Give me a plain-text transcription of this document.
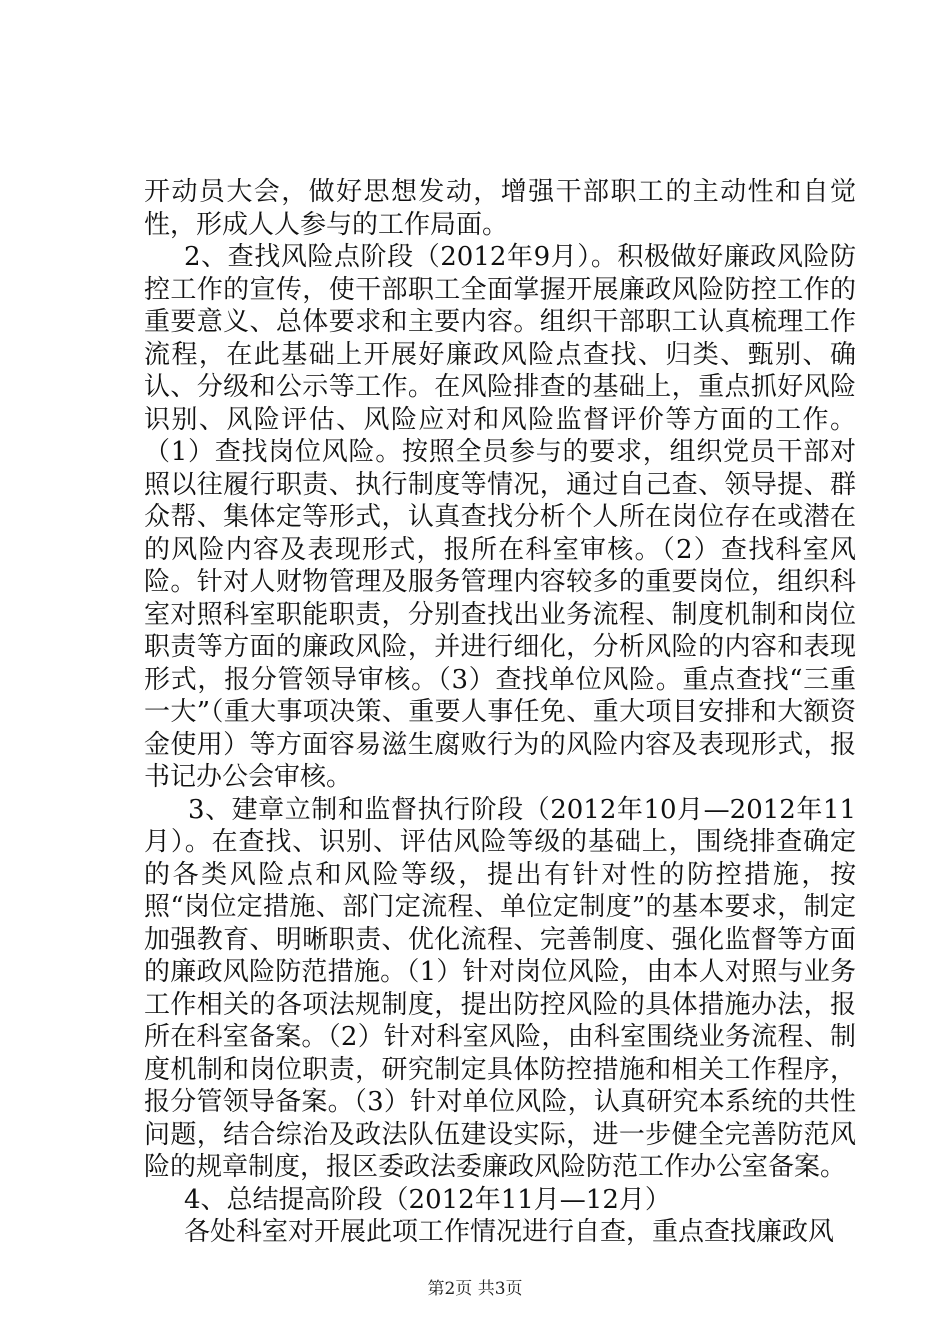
开动员大会，做好思想发动，增强干部职工的主动性和自觉性，形成人人参与的工作局面。

2、查找风险点阶段（2012年9月）。积极做好廉政风险防控工作的宣传，使干部职工全面掌握开展廉政风险防控工作的重要意义、总体要求和主要内容。组织干部职工认真梳理工作流程，在此基础上开展好廉政风险点查找、归类、甄别、确认、分级和公示等工作。在风险排查的基础上，重点抓好风险识别、风险评估、风险应对和风险监督评价等方面的工作。（1）查找岗位风险。按照全员参与的要求，组织党员干部对照以往履行职责、执行制度等情况，通过自己查、领导提、群众帮、集体定等形式，认真查找分析个人所在岗位存在或潜在的风险内容及表现形式，报所在科室审核。（2）查找科室风险。针对人财物管理及服务管理内容较多的重要岗位，组织科室对照科室职能职责，分别查找出业务流程、制度机制和岗位职责等方面的廉政风险，并进行细化，分析风险的内容和表现形式，报分管领导审核。（3）查找单位风险。重点查找“三重一大”（重大事项决策、重要人事任免、重大项目安排和大额资金使用）等方面容易滋生腐败行为的风险内容及表现形式，报书记办公会审核。

3、建章立制和监督执行阶段（2012年10月—2012年11月）。在查找、识别、评估风险等级的基础上，围绕排查确定的各类风险点和风险等级，提出有针对性的防控措施，按照“岗位定措施、部门定流程、单位定制度”的基本要求，制定加强教育、明晰职责、优化流程、完善制度、强化监督等方面的廉政风险防范措施。（1）针对岗位风险，由本人对照与业务工作相关的各项法规制度，提出防控风险的具体措施办法，报所在科室备案。（2）针对科室风险，由科室围绕业务流程、制度机制和岗位职责，研究制定具体防控措施和相关工作程序，报分管领导备案。（3）针对单位风险，认真研究本系统的共性问题，结合综治及政法队伍建设实际，进一步健全完善防范风险的规章制度，报区委政法委廉政风险防范工作办公室备案。

4、总结提高阶段（2012年11月—12月）

各处科室对开展此项工作情况进行自查，重点查找廉政风

第2页 共3页
